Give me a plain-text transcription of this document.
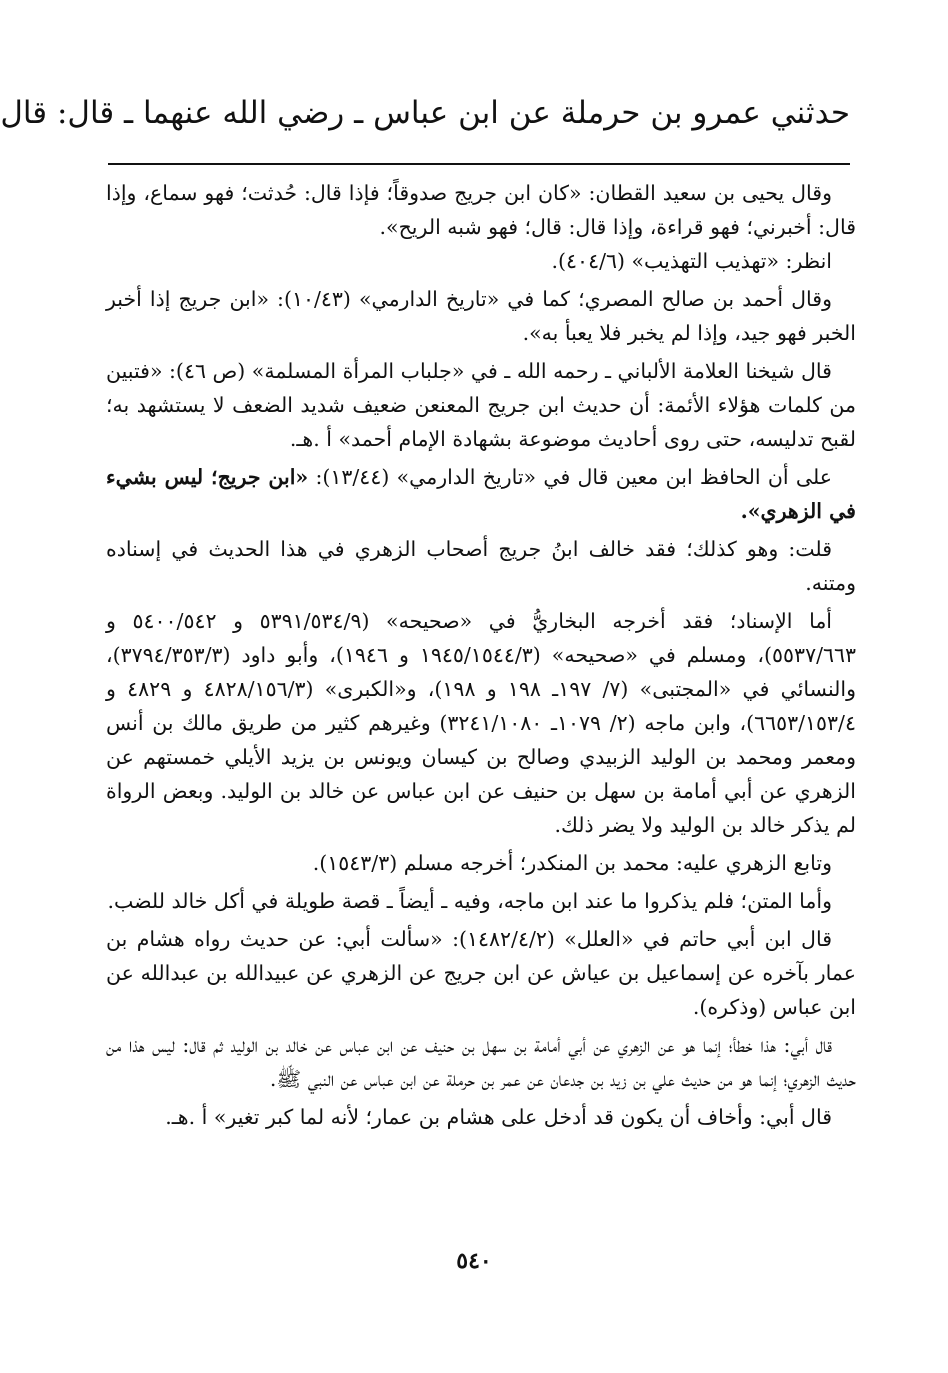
حدثني عمرو بن حرملة عن ابن عباس ـ رضي الله عنهما ـ قال: قال

وقال يحيى بن سعيد القطان: «كان ابن جريج صدوقاً؛ فإذا قال: حُدثت؛ فهو سماع، وإذا قال: أخبرني؛ فهو قراءة، وإذا قال: قال؛ فهو شبه الريح».

انظر: «تهذيب التهذيب» (٤٠٤/٦).

وقال أحمد بن صالح المصري؛ كما في «تاريخ الدارمي» (١٠/٤٣): «ابن جريج إذا أخبر الخبر فهو جيد، وإذا لم يخبر فلا يعبأ به».

قال شيخنا العلامة الألباني ـ رحمه الله ـ في «جلباب المرأة المسلمة» (ص ٤٦): «فتبين من كلمات هؤلاء الأئمة: أن حديث ابن جريج المعنعن ضعيف شديد الضعف لا يستشهد به؛ لقبح تدليسه، حتى روى أحاديث موضوعة بشهادة الإمام أحمد» أ .هـ.

على أن الحافظ ابن معين قال في «تاريخ الدارمي» (١٣/٤٤): «ابن جريج؛ ليس بشيء في الزهري».

قلت: وهو كذلك؛ فقد خالف ابنُ جريج أصحاب الزهري في هذا الحديث في إسناده ومتنه.

أما الإسناد؛ فقد أخرجه البخاريُّ في «صحيحه» (٥٣٩١/٥٣٤/٩ و ٥٤٠٠/٥٤٢ و ٥٥٣٧/٦٦٣)، ومسلم في «صحيحه» (١٩٤٥/١٥٤٤/٣ و ١٩٤٦)، وأبو داود (٣٧٩٤/٣٥٣/٣)، والنسائي في «المجتبى» (٧/ ١٩٧ـ ١٩٨ و ١٩٨)، و«الكبرى» (٤٨٢٨/١٥٦/٣ و ٤٨٢٩ و ٦٦٥٣/١٥٣/٤)، وابن ماجه (٢/ ١٠٧٩ـ ٣٢٤١/١٠٨٠) وغيرهم كثير من طريق مالك بن أنس ومعمر ومحمد بن الوليد الزبيدي وصالح بن كيسان ويونس بن يزيد الأيلي خمستهم عن الزهري عن أبي أمامة بن سهل بن حنيف عن ابن عباس عن خالد بن الوليد. وبعض الرواة لم يذكر خالد بن الوليد ولا يضر ذلك.

وتابع الزهري عليه: محمد بن المنكدر؛ أخرجه مسلم (١٥٤٣/٣).

وأما المتن؛ فلم يذكروا ما عند ابن ماجه، وفيه ـ أيضاً ـ قصة طويلة في أكل خالد للضب.

قال ابن أبي حاتم في «العلل» (١٤٨٢/٤/٢): «سألت أبي: عن حديث رواه هشام بن عمار بآخره عن إسماعيل بن عياش عن ابن جريج عن الزهري عن عبيدالله بن عبدالله عن ابن عباس (وذكره).

قال أبي: هذا خطأ؛ إنما هو عن الزهري عن أبي أمامة بن سهل بن حنيف عن ابن عباس عن خالد بن الوليد ثم قال: ليس هذا من حديث الزهري؛ إنما هو من حديث علي بن زيد بن جدعان عن عمر بن حرملة عن ابن عباس عن النبي ﷺ.

قال أبي: وأخاف أن يكون قد أدخل على هشام بن عمار؛ لأنه لما كبر تغير» أ .هـ.

٥٤٠
